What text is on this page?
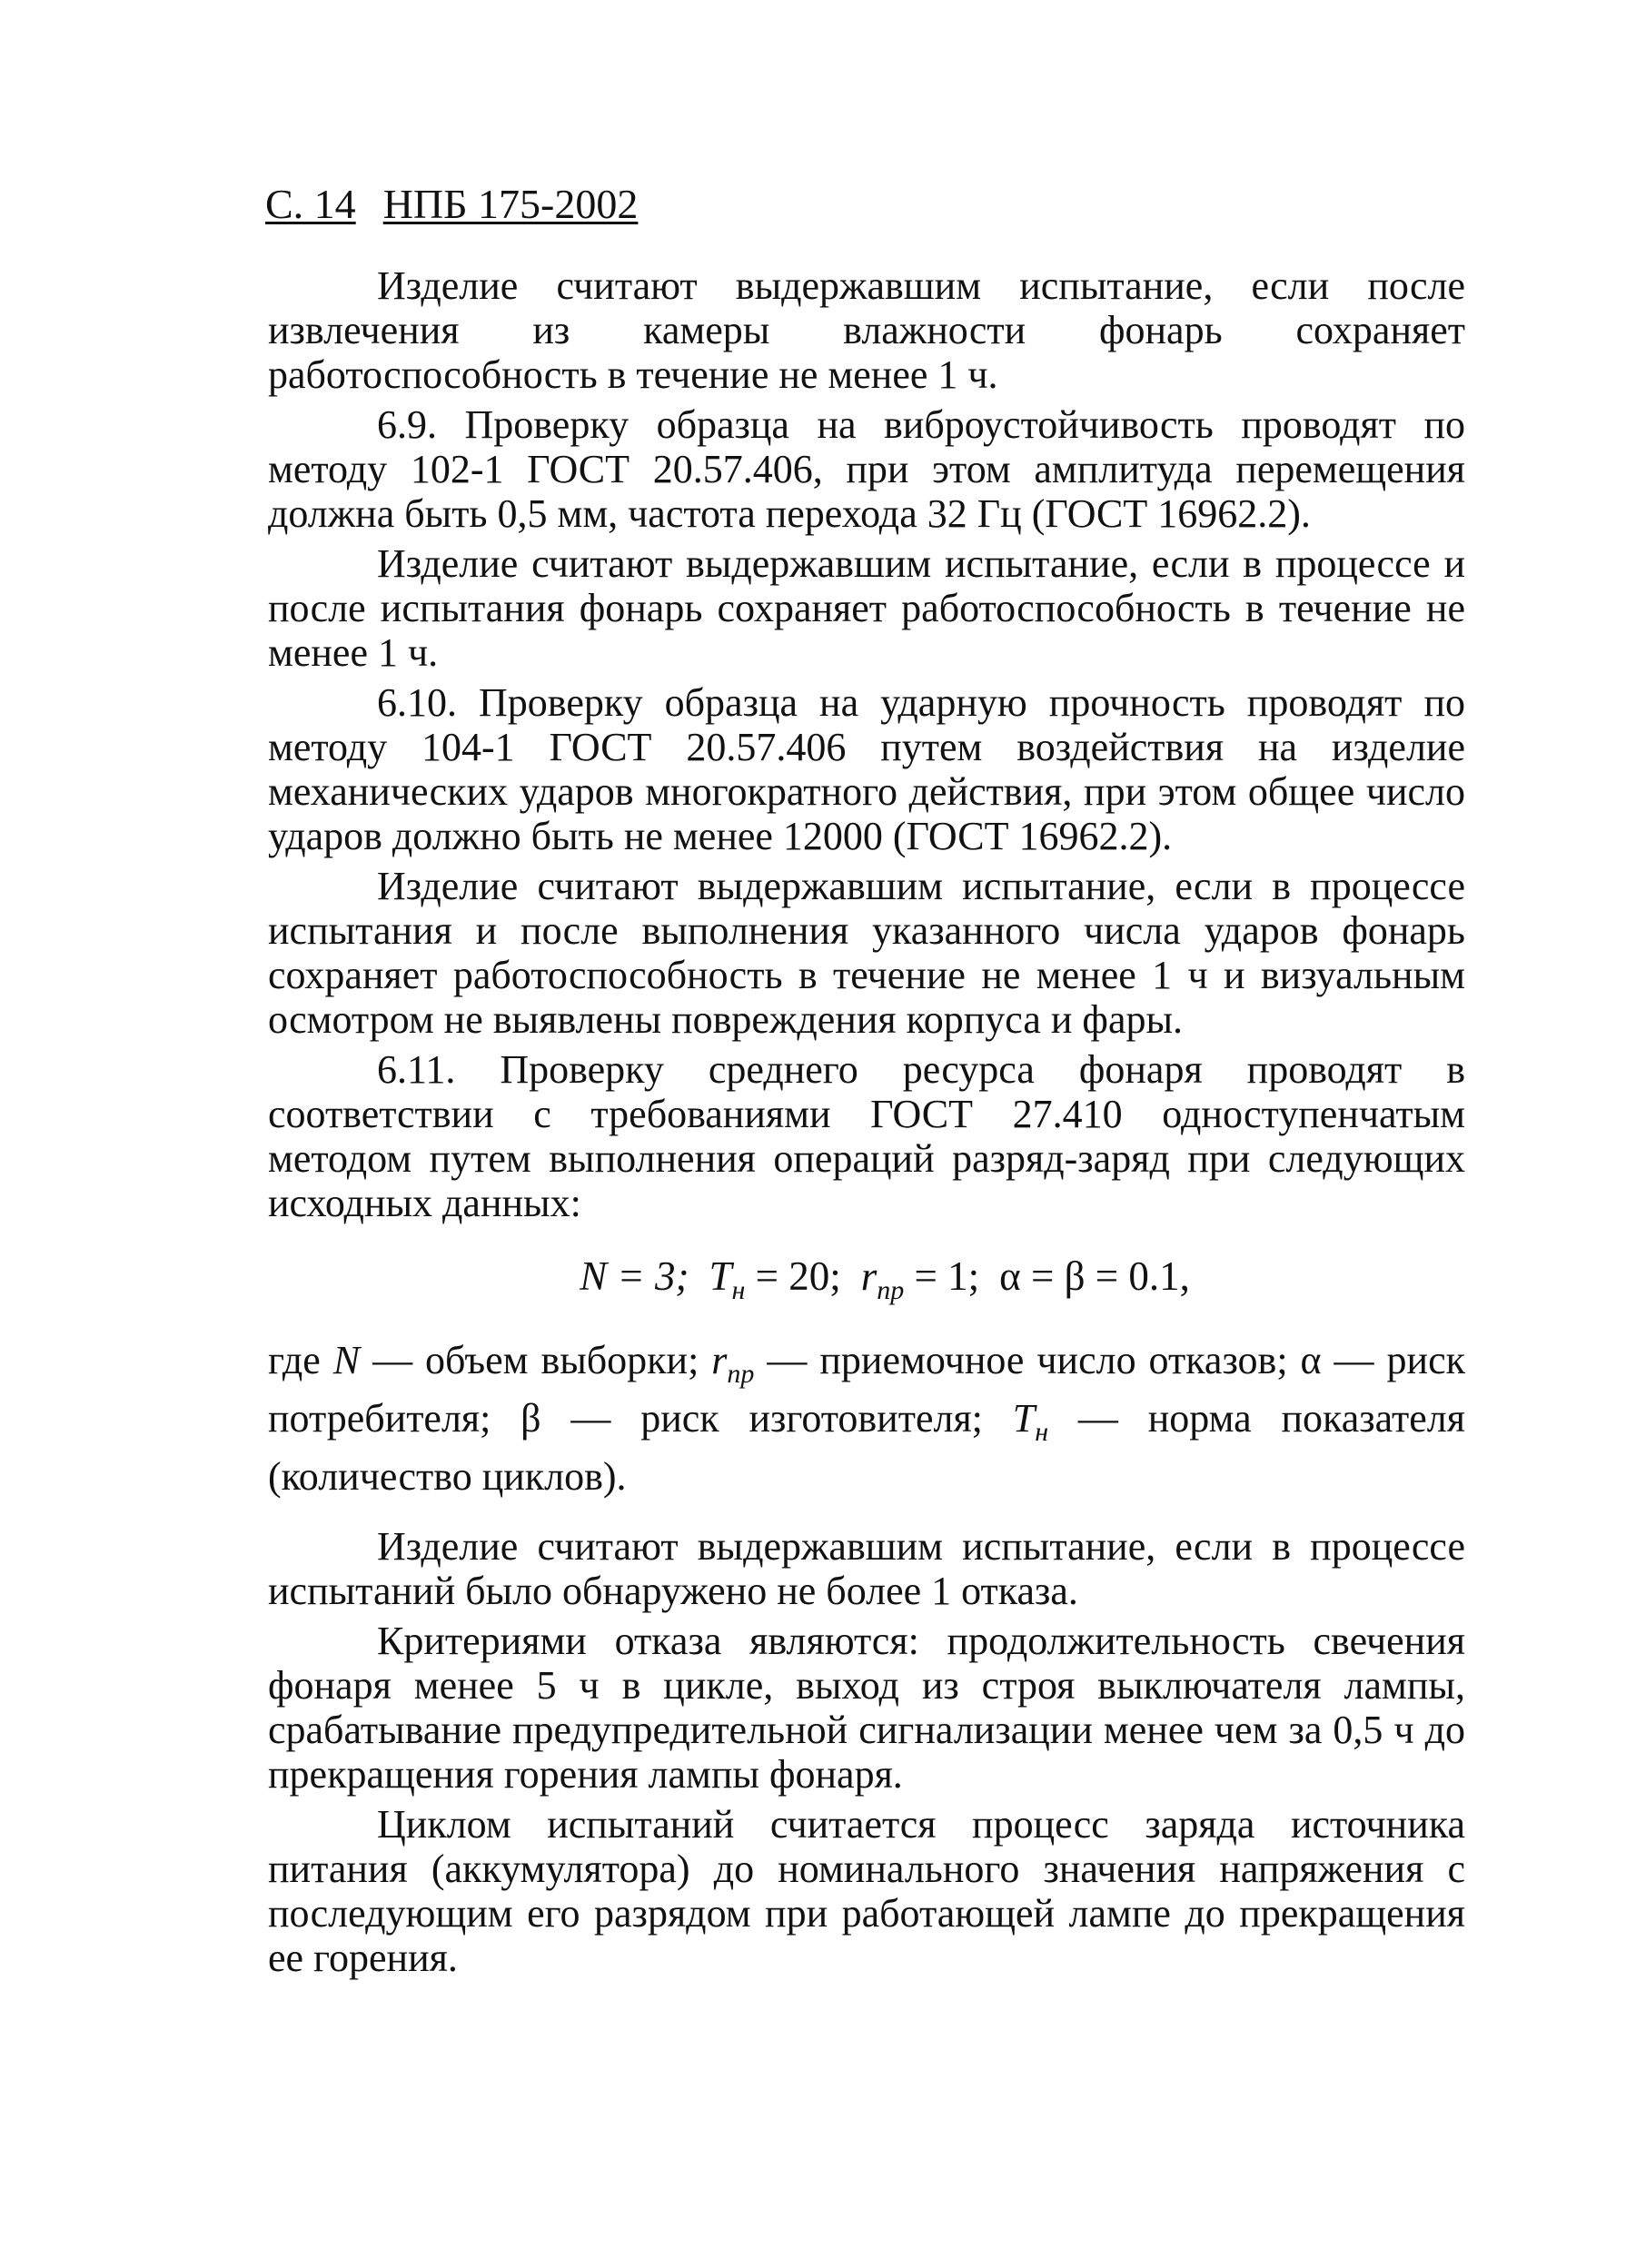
С. 14 НПБ 175-2002

Изделие считают выдержавшим испытание, если после извлечения из камеры влажности фонарь сохраняет работоспособность в течение не менее 1 ч.

6.9. Проверку образца на виброустойчивость проводят по методу 102-1 ГОСТ 20.57.406, при этом амплитуда перемещения должна быть 0,5 мм, частота перехода 32 Гц (ГОСТ 16962.2).

Изделие считают выдержавшим испытание, если в процессе и после испытания фонарь сохраняет работоспособность в течение не менее 1 ч.

6.10. Проверку образца на ударную прочность проводят по методу 104-1 ГОСТ 20.57.406 путем воздействия на изделие механических ударов многократного действия, при этом общее число ударов должно быть не менее 12000 (ГОСТ 16962.2).

Изделие считают выдержавшим испытание, если в процессе испытания и после выполнения указанного числа ударов фонарь сохраняет работоспособность в течение не менее 1 ч и визуальным осмотром не выявлены повреждения корпуса и фары.

6.11. Проверку среднего ресурса фонаря проводят в соответствии с требованиями ГОСТ 27.410 одноступенчатым методом путем выполнения операций разряд-заряд при следующих исходных данных:

N = 3; $T_н = 20$; $r_{пр} = 1$; α = β = 0.1,

где N — объем выборки; $r_{пр}$ — приемочное число отказов; α — риск потребителя; β — риск изготовителя; $T_н$ — норма показателя (количество циклов).

Изделие считают выдержавшим испытание, если в процессе испытаний было обнаружено не более 1 отказа.

Критериями отказа являются: продолжительность свечения фонаря менее 5 ч в цикле, выход из строя выключателя лампы, срабатывание предупредительной сигнализации менее чем за 0,5 ч до прекращения горения лампы фонаря.

Циклом испытаний считается процесс заряда источника питания (аккумулятора) до номинального значения напряжения с последующим его разрядом при работающей лампе до прекращения ее горения.
